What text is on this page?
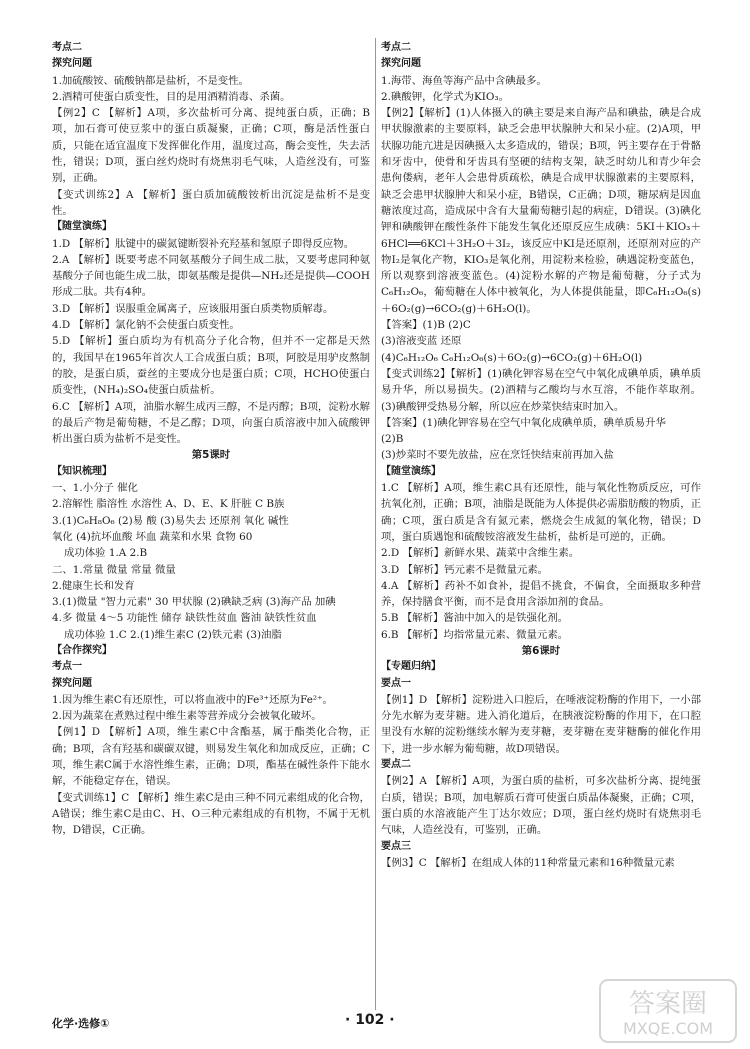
考点二

探究问题

1.加硫酸铵、硫酸钠都是盐析，不是变性。

2.酒精可使蛋白质变性，目的是用酒精消毒、杀菌。

【例2】C 【解析】A项，多次盐析可分离、提纯蛋白质，正确；B项，加石膏可使豆浆中的蛋白质凝聚，正确；C项，酶是活性蛋白质，只能在适宜温度下发挥催化作用，温度过高，酶会变性，失去活性，错误；D项，蛋白丝灼烧时有烧焦羽毛气味，人造丝没有，可鉴别，正确。

【变式训练2】A 【解析】蛋白质加硫酸铵析出沉淀是盐析不是变性。

【随堂演练】

1.D 【解析】肽键中的碳氮键断裂补充羟基和氢原子即得反应物。

2.A 【解析】既要考虑不同氨基酸分子间生成二肽，又要考虑同种氨基酸分子间也能生成二肽，即氨基酸是提供—NH₂还是提供—COOH形成二肽。共有4种。

3.D 【解析】误服重金属离子，应该服用蛋白质类物质解毒。

4.D 【解析】氯化钠不会使蛋白质变性。

5.D 【解析】蛋白质均为有机高分子化合物，但并不一定都是天然的，我国早在1965年首次人工合成蛋白质；B项，阿胶是用驴皮熬制的胶，是蛋白质，蚕丝的主要成分也是蛋白质；C项，HCHO使蛋白质变性，(NH₄)₂SO₄使蛋白质盐析。

6.C 【解析】A项，油脂水解生成丙三醇，不是丙醇；B项，淀粉水解的最后产物是葡萄糖，不是乙醇；D项，向蛋白质溶液中加入硫酸钾析出蛋白质为盐析不是变性。

第5课时

【知识梳理】

一、1.小分子 催化

2.溶解性 脂溶性 水溶性 A、D、E、K 肝脏 C B族

3.(1)C₆H₈O₆ (2)易 酸 (3)易失去 还原剂 氧化 碱性

氧化 (4)抗坏血酸 坏血 蔬菜和水果 食物 60

成功体验 1.A 2.B

二、1.常量 微量 常量 微量

2.健康生长和发育

3.(1)微量 "智力元素" 30 甲状腺 (2)碘缺乏病 (3)海产品 加碘

4.多 微量 4～5 功能性 储存 缺铁性贫血 酱油 缺铁性贫血

成功体验 1.C 2.(1)维生素C (2)铁元素 (3)油脂

【合作探究】

考点一

探究问题

1.因为维生素C有还原性，可以将血液中的Fe³⁺还原为Fe²⁺。

2.因为蔬菜在煮熟过程中维生素等营养成分会被氧化破坏。

【例1】D 【解析】A项，维生素C中含酯基，属于酯类化合物，正确；B项，含有羟基和碳碳双键，则易发生氧化和加成反应，正确；C项，维生素C属于水溶性维生素，正确；D项，酯基在碱性条件下能水解，不能稳定存在，错误。

【变式训练1】C 【解析】维生素C是由三种不同元素组成的化合物，A错误；维生素C是由C、H、O三种元素组成的有机物，不属于无机物，D错误，C正确。

考点二

探究问题

1.海带、海鱼等海产品中含碘最多。

2.碘酸钾，化学式为KIO₃。

【例2】【解析】(1)人体摄入的碘主要是来自海产品和碘盐，碘是合成甲状腺激素的主要原料，缺乏会患甲状腺肿大和呆小症。(2)A项，甲状腺功能亢进是因碘摄入太多造成的，错误；B项，钙主要存在于骨骼和牙齿中，使骨和牙齿具有坚硬的结构支架，缺乏时幼儿和青少年会患佝偻病，老年人会患骨质疏松，碘是合成甲状腺激素的主要原料，缺乏会患甲状腺肿大和呆小症，B错误，C正确；D项，糖尿病是因血糖浓度过高，造成尿中含有大量葡萄糖引起的病症，D错误。(3)碘化钾和碘酸钾在酸性条件下能发生氧化还原反应生成碘：5KI＋KIO₃＋6HCl══6KCl＋3H₂O＋3I₂，该反应中KI是还原剂，还原剂对应的产物I₂是氧化产物，KIO₃是氧化剂，用淀粉来检验，碘遇淀粉变蓝色，所以观察到溶液变蓝色。(4)淀粉水解的产物是葡萄糖，分子式为C₆H₁₂O₆，葡萄糖在人体中被氧化，为人体提供能量，即C₆H₁₂O₆(s)＋6O₂(g)→6CO₂(g)＋6H₂O(l)。

【答案】(1)B (2)C

(3)溶液变蓝 还原

(4)C₆H₁₂O₆ C₆H₁₂O₆(s)＋6O₂(g)→6CO₂(g)＋6H₂O(l)

【变式训练2】【解析】(1)碘化钾容易在空气中氧化成碘单质，碘单质易升华，所以易损失。(2)酒精与乙酸均与水互溶，不能作萃取剂。(3)碘酸钾受热易分解，所以应在炒菜快结束时加入。

【答案】(1)碘化钾容易在空气中氧化成碘单质，碘单质易升华

(2)B

(3)炒菜时不要先放盐，应在烹饪快结束前再加入盐

【随堂演练】

1.C 【解析】A项，维生素C具有还原性，能与氧化性物质反应，可作抗氧化剂，正确；B项，油脂是既能为人体提供必需脂肪酸的物质，正确；C项，蛋白质是含有氮元素，燃烧会生成氮的氧化物，错误；D项，蛋白质遇饱和硫酸铵溶液发生盐析，盐析是可逆的，正确。

2.D 【解析】新鲜水果、蔬菜中含维生素。

3.D 【解析】钙元素不是微量元素。

4.A 【解析】药补不如食补，提倡不挑食，不偏食，全面摄取多种营养，保持膳食平衡，而不是食用含添加剂的食品。

5.B 【解析】酱油中加入的是铁强化剂。

6.B 【解析】均指常量元素、微量元素。

第6课时

【专题归纳】

要点一

【例1】D 【解析】淀粉进入口腔后，在唾液淀粉酶的作用下，一小部分先水解为麦芽糖。进入消化道后，在胰液淀粉酶的作用下，在口腔里没有水解的淀粉继续水解为麦芽糖，麦芽糖在麦芽糖酶的催化作用下，进一步水解为葡萄糖，故D项错误。

要点二

【例2】A 【解析】A项，为蛋白质的盐析，可多次盐析分离、提纯蛋白质，错误；B项，加电解质石膏可使蛋白质晶体凝聚，正确；C项，蛋白质的水溶液能产生丁达尔效应；D项，蛋白丝灼烧时有烧焦羽毛气味，人造丝没有，可鉴别，正确。

要点三

【例3】C 【解析】在组成人体的11种常量元素和16种微量元素

化学·选修①	· 102 ·
答案圈
MXQE.COM
